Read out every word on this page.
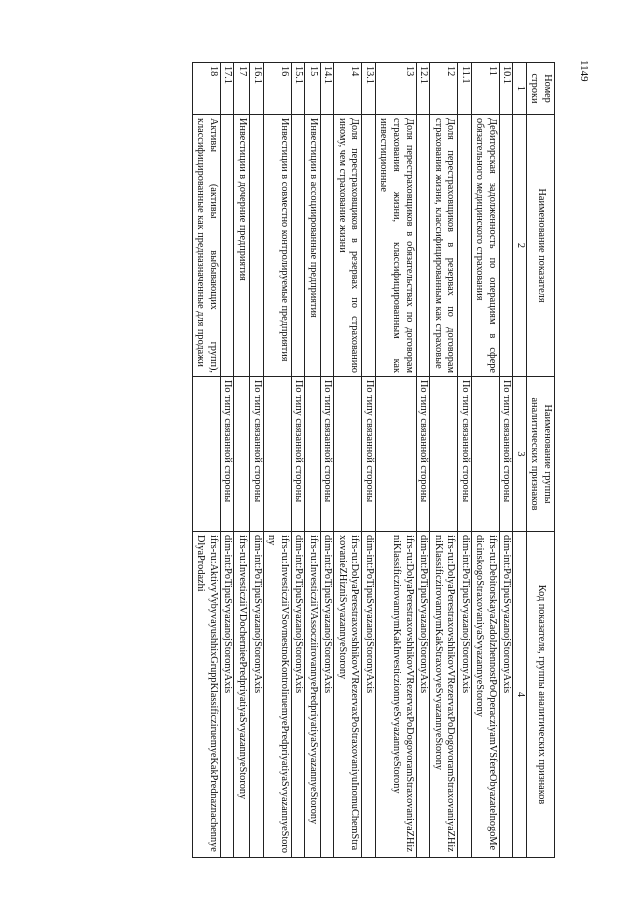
1149
Номер строки	Наименование показателя	Наименование группы аналитических признаков	Код показателя, группы аналитических признаков
1	2	3	4
10.1		По типу связанной стороны	dim-int:PoTipuSvyazanojStoronyAxis
11	Дебиторская задолженность по операциям в сфере обязательного медицинского страхования		ifrs-ru:DebitorskayaZadolzhennostPoOperacziyamVSfereObyazatelnogoMedicinskogoStraxovaniyaSvyazannyeStorony
11.1		По типу связанной стороны	dim-int:PoTipuSvyazanojStoronyAxis
12	Доля перестраховщиков в резервах по договорам страхования жизни, классифицированным как страховые		ifrs-ru:DolyaPerestraxovshhikovVRezervaxPoDogovoramStraxovaniyaZHizniKlassificzirovannymKakStraxovyeSvyazannyeStorony
12.1		По типу связанной стороны	dim-int:PoTipuSvyazanojStoronyAxis
13	Доля перестраховщиков в обязательствах по договорам страхования жизни, классифицированным как инвестиционные		ifrs-ru:DolyaPerestraxovshhikovVRezervaxPoDogovoramStraxovaniyaZHizniKlassificzirovannymKakInvesticzionnyeSvyazannyeStorony
13.1		По типу связанной стороны	dim-int:PoTipuSvyazanojStoronyAxis
14	Доля перестраховщиков в резервах по страхованию иному, чем страхование жизни		ifrs-ru:DolyaPerestraxovshhikovVRezervaxPoStraxovaniyuInomuChemStraxovanieZHizniSvyazannyeStorony
14.1		По типу связанной стороны	dim-int:PoTipuSvyazanojStoronyAxis
15	Инвестиции в ассоциированные предприятия		ifrs-ru:InvesticziiVAssocziirovannyePredpriyatiyaSvyazannyeStorony
15.1		По типу связанной стороны	dim-int:PoTipuSvyazanojStoronyAxis
16	Инвестиции в совместно контролируемые предприятия		ifrs-ru:InvesticziiVSovmestnoKontroliruemyePredpriyatiyaSvyazannyeStorony
16.1		По типу связанной стороны	dim-int:PoTipuSvyazanojStoronyAxis
17	Инвестиции в дочерние предприятия		ifrs-ru:InvesticziiVDochernieePredpriyatiyaSvyazannyeStorony
17.1		По типу связанной стороны	dim-int:PoTipuSvyazanojStoronyAxis
18	Активы (активы выбывающих групп), классифицированные как предназначенные для продажи		ifrs-ru:AktivyVybyvayushhixGruppKlassificziruemyeKakPrednaznachennyeDlyaProdazhi
